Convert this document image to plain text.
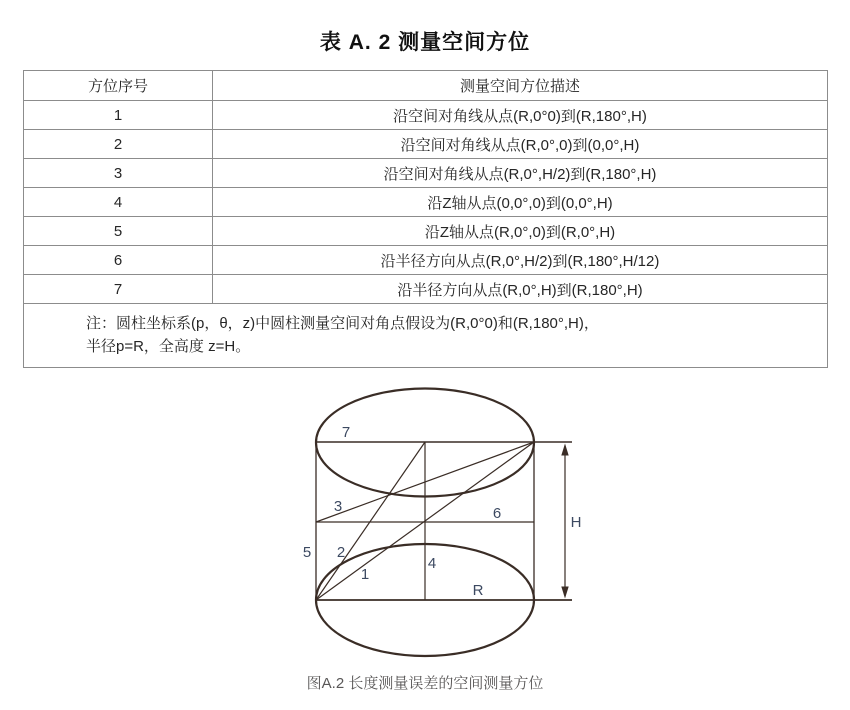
表 A. 2 测量空间方位
方位序号	测量空间方位描述
1	沿空间对角线从点(R,0°0)到(R,180°,H)
2	沿空间对角线从点(R,0°,0)到(0,0°,H)
3	沿空间对角线从点(R,0°,H/2)到(R,180°,H)
4	沿Z轴从点(0,0°,0)到(0,0°,H)
5	沿Z轴从点(R,0°,0)到(R,0°,H)
6	沿半径方向从点(R,0°,H/2)到(R,180°,H/12)
7	沿半径方向从点(R,0°,H)到(R,180°,H)

注：圆柱坐标系(p，θ，z)中圆柱测量空间对角点假设为(R,0°0)和(R,180°,H)，
半径p=R，全高度 z=H。	
7
3	6
5 2
1
4
R
H
图A.2 长度测量误差的空间测量方位
